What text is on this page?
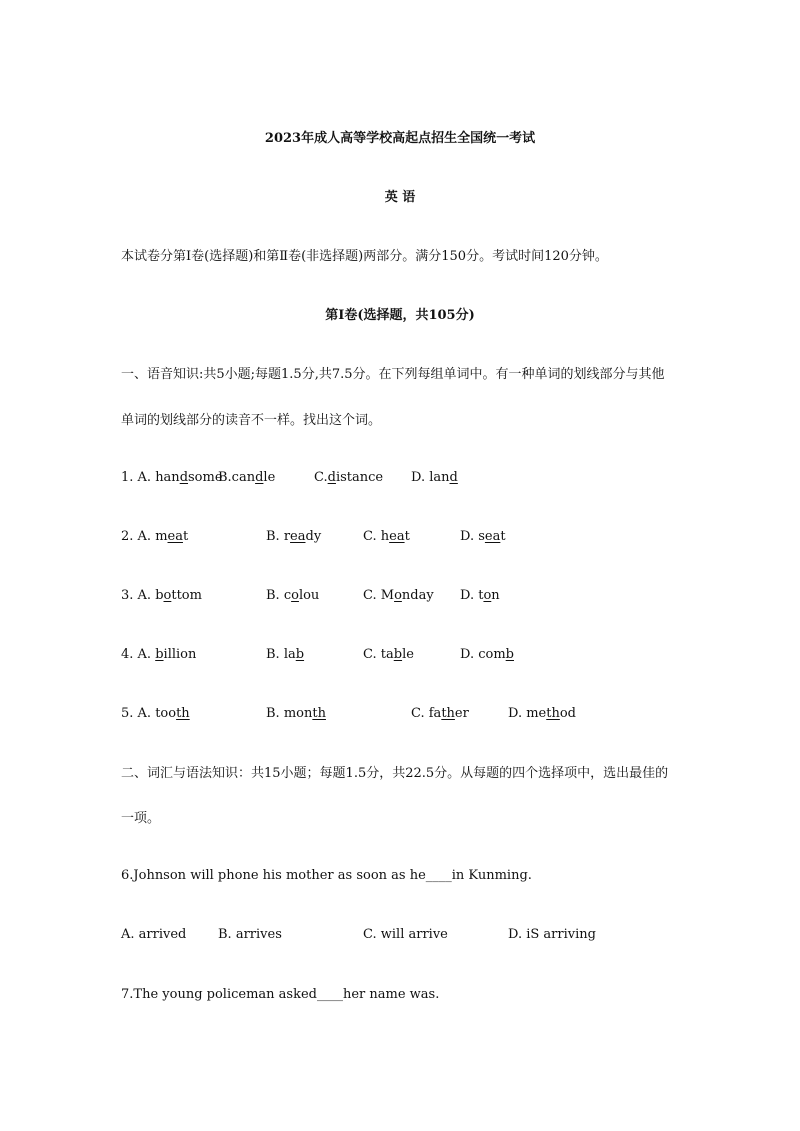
2023年成人高等学校高起点招生全国统一考试
英 语
本试卷分第Ⅰ卷(选择题)和第Ⅱ卷(非选择题)两部分。满分150分。考试时间120分钟。
第Ⅰ卷(选择题，共105分)
一、语音知识:共5小题;每题1.5分,共7.5分。在下列每组单词中。有一种单词的划线部分与其他
单词的划线部分的读音不一样。找出这个词。
1. A. handsome
B.candle	C.distance D. land
2. A. meat	B. ready	C. heat	D. seat
3. A. bottom	B. colou	C. Monday D. ton
4. A. billion	B. lab	C. table	D. comb
5. A. tooth	B. month	C. father	D. method
二、词汇与语法知识：共15小题；每题1.5分，共22.5分。从每题的四个选择项中，选出最佳的
一项。
6.Johnson will phone his mother as soon as he____in Kunming.
A. arrived B. arrives	C. will arrive	D. iS arriving
7.The young policeman asked____her name was.
